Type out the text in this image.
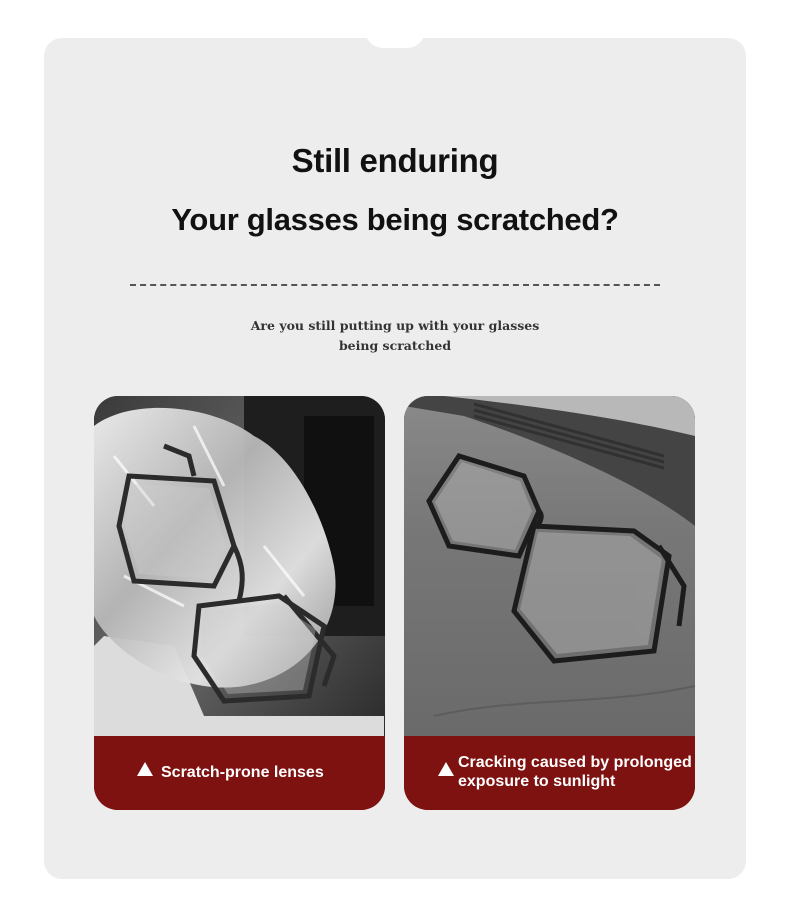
Still enduring
Your glasses being scratched?
Are you still putting up with your glasses
being scratched
Scratch-prone lenses
Cracking caused by prolonged
exposure to sunlight
